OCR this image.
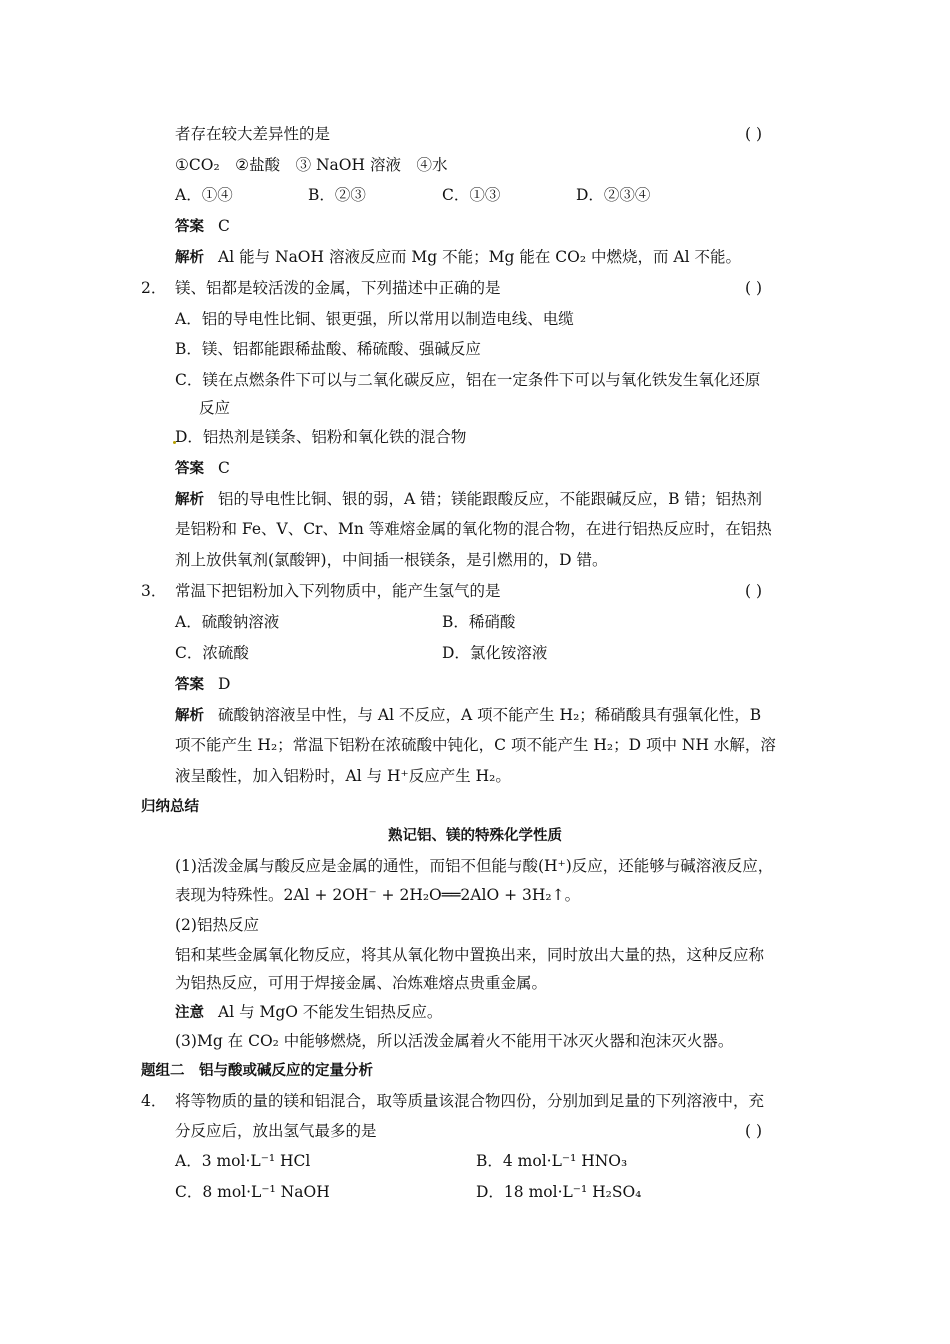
者存在较大差异性的是	( )
①CO₂　②盐酸　③ NaOH 溶液　④水
A．①④	B．②③	C．①③	D．②③④
答案 C
解析 Al 能与 NaOH 溶液反应而 Mg 不能；Mg 能在 CO₂ 中燃烧，而 Al 不能。
2． 镁、铝都是较活泼的金属，下列描述中正确的是	( )
A．铝的导电性比铜、银更强，所以常用以制造电线、电缆
B．镁、铝都能跟稀盐酸、稀硫酸、强碱反应
C．镁在点燃条件下可以与二氧化碳反应，铝在一定条件下可以与氧化铁发生氧化还原
反应
D．铝热剂是镁条、铝粉和氧化铁的混合物
答案 C
解析 铝的导电性比铜、银的弱，A 错；镁能跟酸反应，不能跟碱反应，B 错；铝热剂
是铝粉和 Fe、V、Cr、Mn 等难熔金属的氧化物的混合物，在进行铝热反应时，在铝热
剂上放供氧剂(氯酸钾)，中间插一根镁条，是引燃用的，D 错。
3． 常温下把铝粉加入下列物质中，能产生氢气的是	( )
A．硫酸钠溶液	B．稀硝酸
C．浓硫酸	D．氯化铵溶液
答案 D
解析 硫酸钠溶液呈中性，与 Al 不反应，A 项不能产生 H₂；稀硝酸具有强氧化性，B
项不能产生 H₂；常温下铝粉在浓硫酸中钝化，C 项不能产生 H₂；D 项中 NH 水解，溶
液呈酸性，加入铝粉时，Al 与 H⁺反应产生 H₂。
归纳总结
熟记铝、镁的特殊化学性质
(1)活泼金属与酸反应是金属的通性，而铝不但能与酸(H⁺)反应，还能够与碱溶液反应，
表现为特殊性。2Al + 2OH⁻ + 2H₂O══2AlO + 3H₂↑。
(2)铝热反应
铝和某些金属氧化物反应，将其从氧化物中置换出来，同时放出大量的热，这种反应称
为铝热反应，可用于焊接金属、冶炼难熔点贵重金属。
注意 Al 与 MgO 不能发生铝热反应。
(3)Mg 在 CO₂ 中能够燃烧，所以活泼金属着火不能用干冰灭火器和泡沫灭火器。
题组二　铝与酸或碱反应的定量分析
4． 将等物质的量的镁和铝混合，取等质量该混合物四份，分别加到足量的下列溶液中，充
分反应后，放出氢气最多的是	( )
A．3 mol·L⁻¹ HCl	B．4 mol·L⁻¹ HNO₃
C．8 mol·L⁻¹ NaOH	D．18 mol·L⁻¹ H₂SO₄
